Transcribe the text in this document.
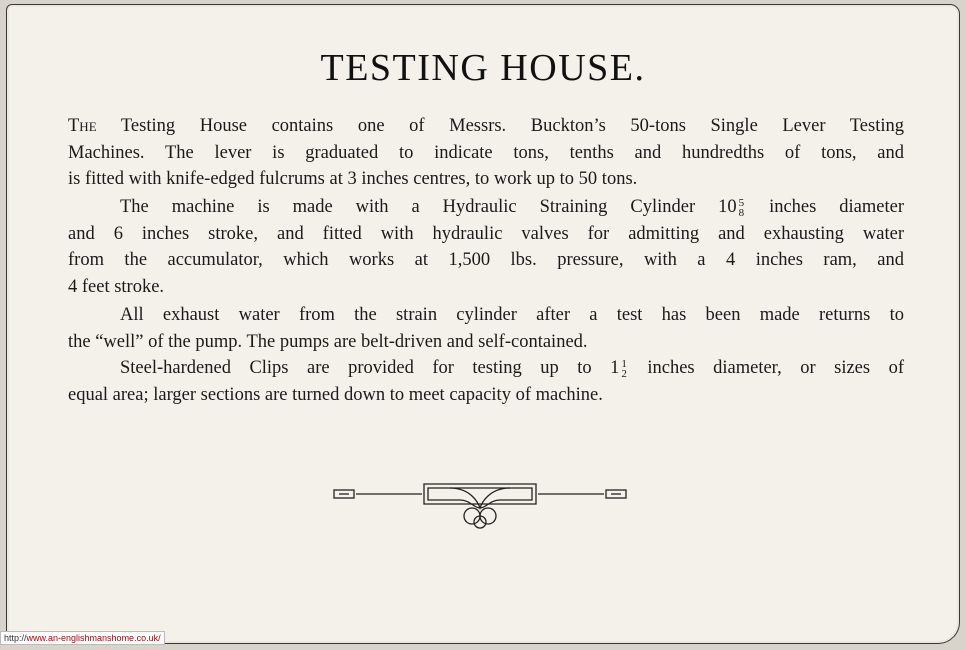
TESTING HOUSE.
The Testing House contains one of Messrs. Buckton’s 50-tons Single Lever Testing
Machines. The lever is graduated to indicate tons, tenths and hundredths of tons, and
is fitted with knife-edged fulcrums at 3 inches centres, to work up to 50 tons.
The machine is made with a Hydraulic Straining Cylinder 10 5
8 inches diameter
and 6 inches stroke, and fitted with hydraulic valves for admitting and exhausting water
from the accumulator, which works at 1,500 lbs. pressure, with a 4 inches ram, and
4 feet stroke.
All exhaust water from the strain cylinder after a test has been made returns to
the “well” of the pump. The pumps are belt-driven and self-contained.
Steel-hardened Clips are provided for testing up to 1 1
2 inches diameter, or sizes of
equal area; larger sections are turned down to meet capacity of machine.
http://www.an-englishmanshome.co.uk/
